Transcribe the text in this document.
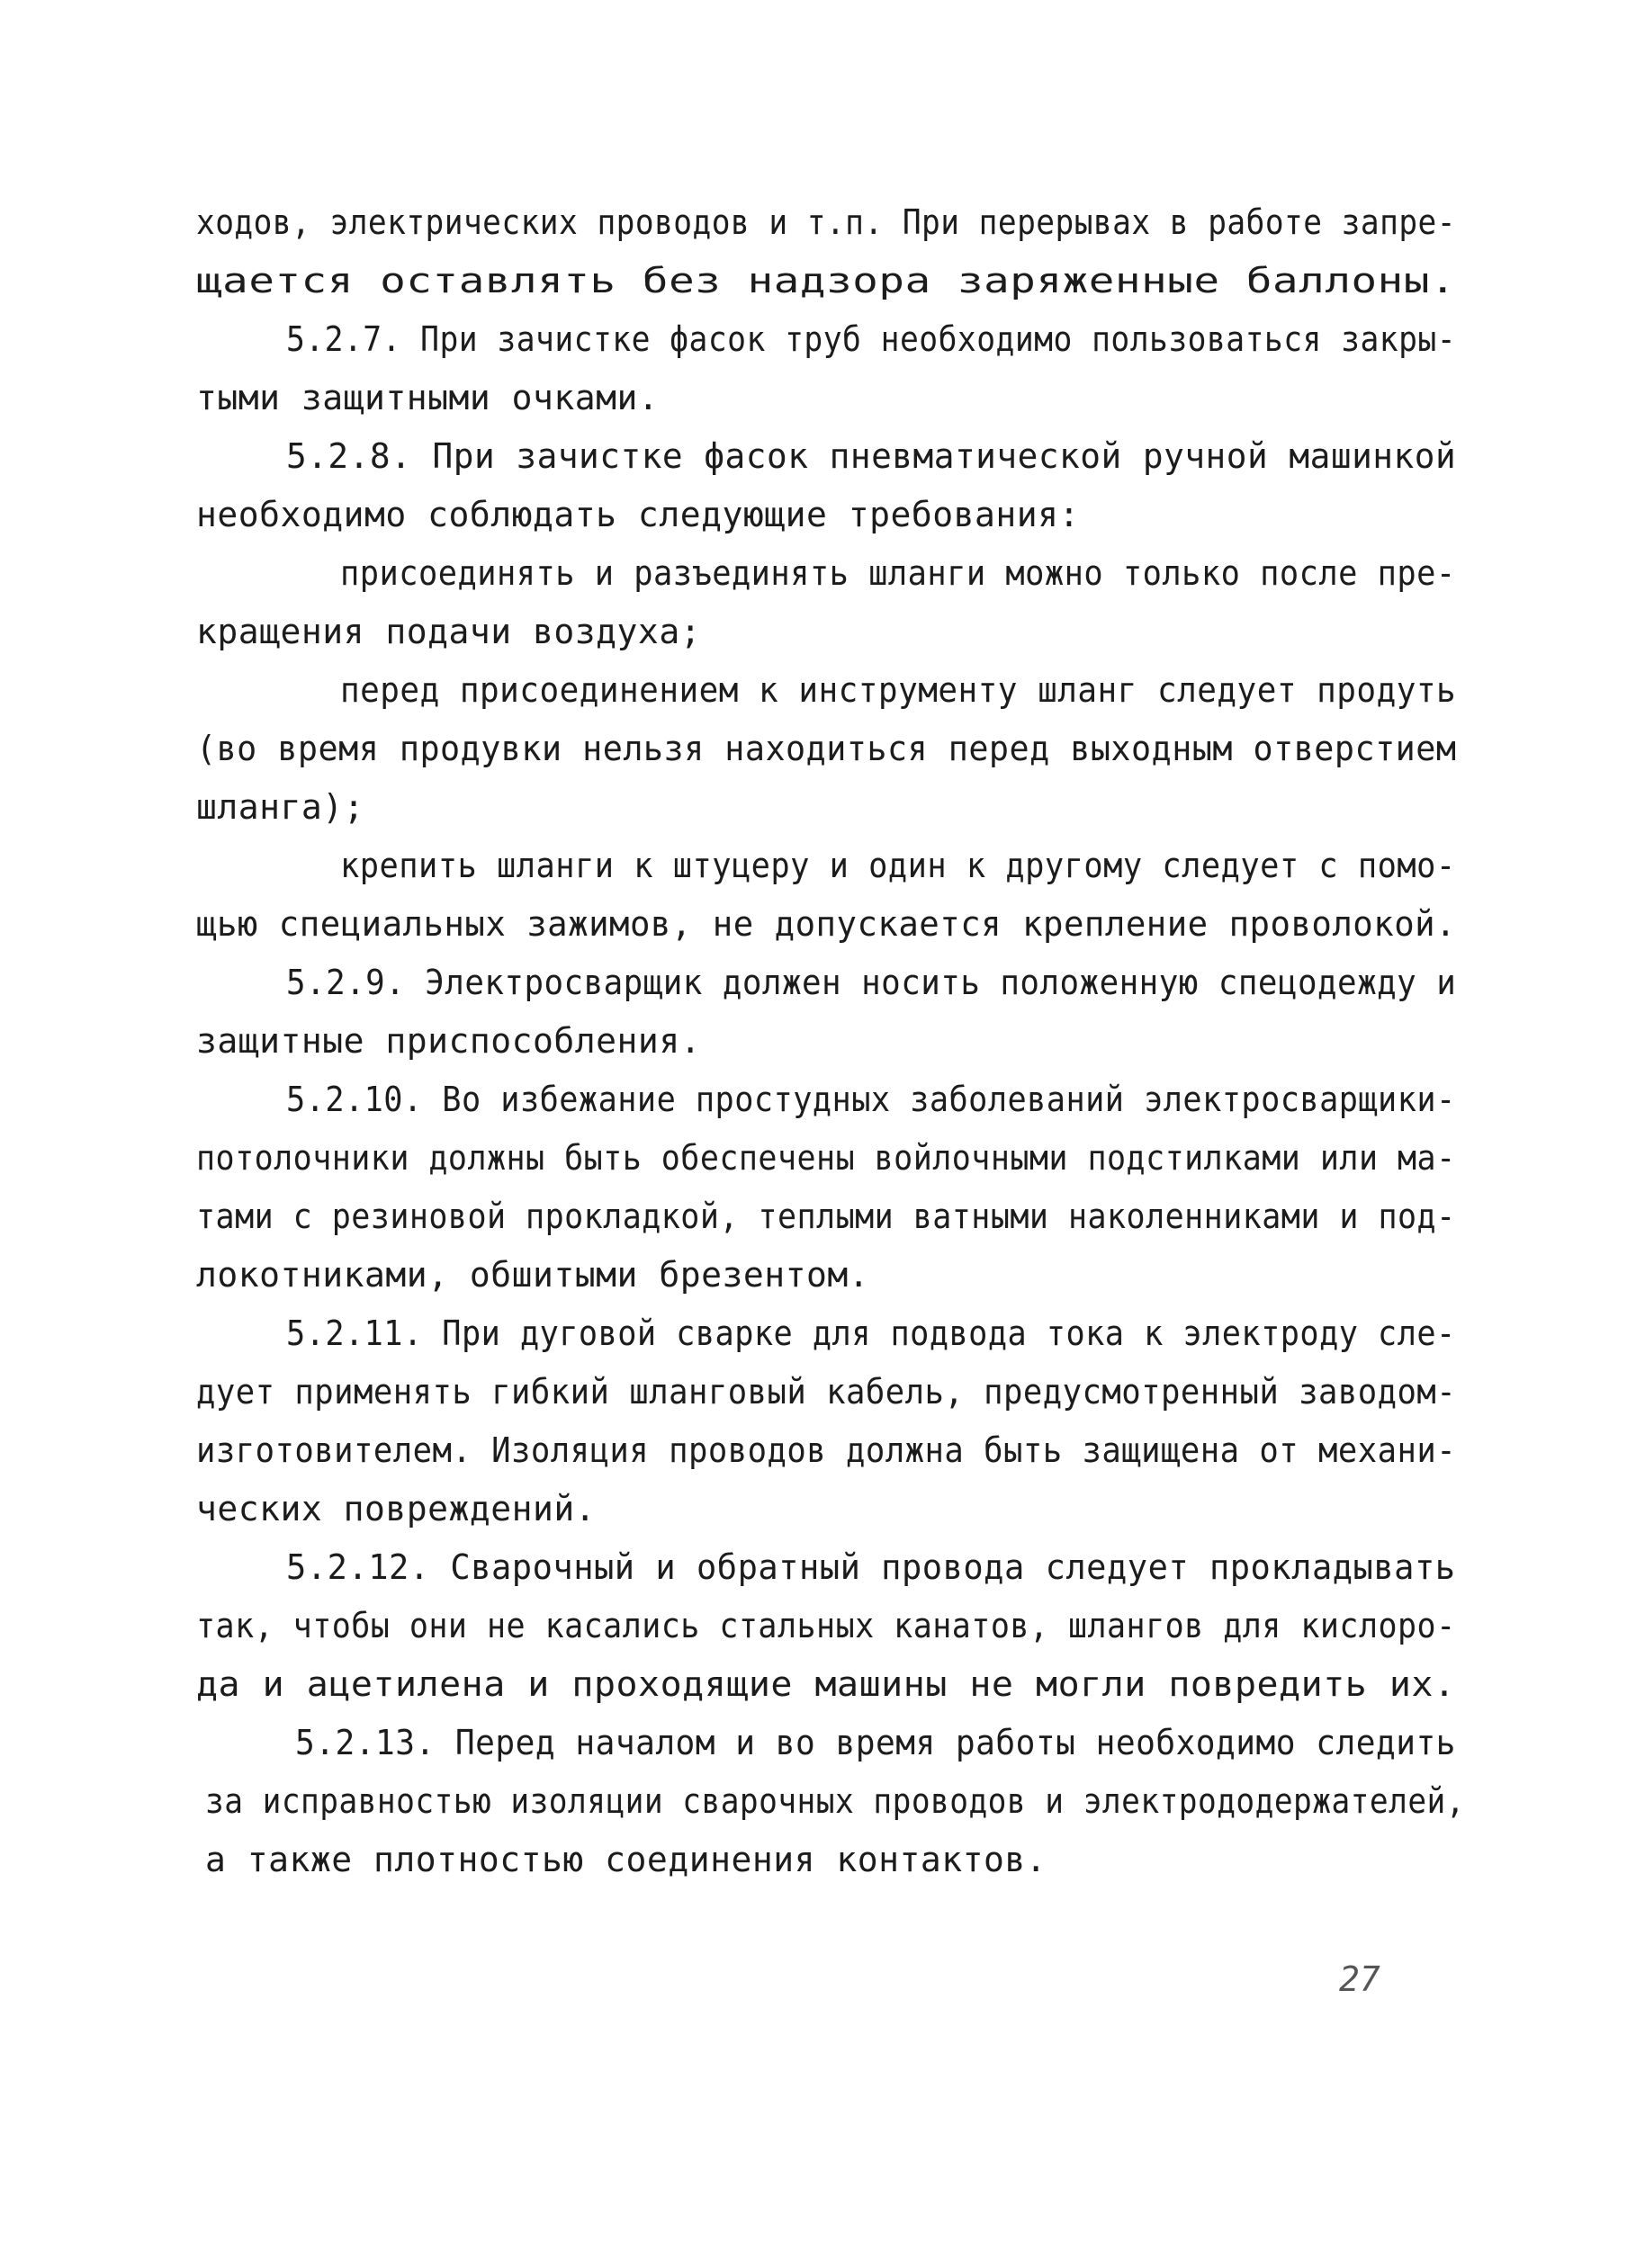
ходов, электрических проводов и т.п. При перерывах в работе запре-
щается оставлять без надзора заряженные баллоны.
5.2.7. При зачистке фасок труб необходимо пользоваться закры-
тыми защитными очками.
5.2.8. При зачистке фасок пневматической ручной машинкой
необходимо соблюдать следующие требования:
присоединять и разъединять шланги можно только после пре-
кращения подачи воздуха;
перед присоединением к инструменту шланг следует продуть
(во время продувки нельзя находиться перед выходным отверстием
шланга);
крепить шланги к штуцеру и один к другому следует с помо-
щью специальных зажимов, не допускается крепление проволокой.
5.2.9. Электросварщик должен носить положенную спецодежду и
защитные приспособления.
5.2.10. Во избежание простудных заболеваний электросварщики-
потолочники должны быть обеспечены войлочными подстилками или ма-
тами с резиновой прокладкой, теплыми ватными наколенниками и под-
локотниками, обшитыми брезентом.
5.2.11. При дуговой сварке для подвода тока к электроду сле-
дует применять гибкий шланговый кабель, предусмотренный заводом-
изготовителем. Изоляция проводов должна быть защищена от механи-
ческих повреждений.
5.2.12. Сварочный и обратный провода следует прокладывать
так, чтобы они не касались стальных канатов, шлангов для кислоро-
да и ацетилена и проходящие машины не могли повредить их.
5.2.13. Перед началом и во время работы необходимо следить
за исправностью изоляции сварочных проводов и электрододержателей,
а также плотностью соединения контактов.
27
